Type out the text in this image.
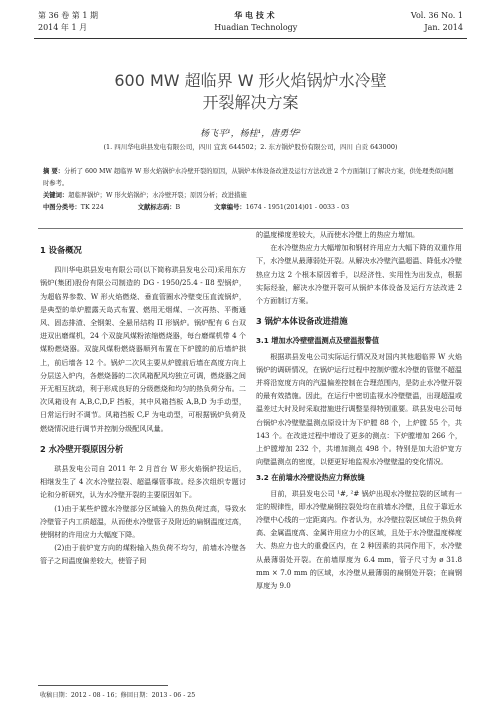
第 36 卷 第 1 期	华 电 技 术	Vol. 36 No. 1
2014 年 1 月	Huadian Technology	Jan. 2014
600 MW 超临界 W 形火焰锅炉水冷壁
开裂解决方案
杨飞平¹，杨桂¹，唐勇华²
(1. 四川华电珙县发电有限公司，四川 宜宾 644502；2. 东方锅炉股份有限公司，四川 自贡 643000)
摘 要：分析了 600 MW 超临界 W 形火焰锅炉水冷壁开裂的原因，从锅炉本体设备改进及运行方法改进 2 个方面制订了解决方案，供处理类似问题时参考。
关键词：超临界锅炉；W 形火焰锅炉；水冷壁开裂；原因分析；改进措施
中图分类号：TK 224	文献标志码：B	文章编号：1674 - 1951(2014)01 - 0033 - 03
1 设备概况

四川华电珙县发电有限公司(以下简称珙县发电公司)采用东方锅炉(集团)股份有限公司制造的 DG - 1950/25.4 - Ⅱ8 型锅炉，为超临界参数、W 形火焰燃烧、垂直管圈水冷壁变压直流锅炉，是典型的单炉膛露天岛式布置、燃用无烟煤、一次再热、平衡通风、固态排渣、全钢架、全悬吊结构 П 形锅炉。锅炉配有 6 台双进双出磨煤机，24 个双旋风煤粉浓缩燃烧器，每台磨煤机带 4 个煤粉燃烧器。双旋风煤粉燃烧器顺列布置在下炉膛的前后墙炉拱上，前后墙各 12 个。锅炉二次风主要从炉膛前后墙在高度方向上分层送入炉内，各燃烧器的二次风箱配风均独立可调，燃烧器之间开无相互扰动，利于形成良好的分级燃烧和均匀的热负荷分布。二次风箱设有 A,B,C,D,F 挡板，其中风箱挡板 A,B,D 为手动型，日常运行时不调节。风箱挡板 C,F 为电动型，可根据锅炉负荷及燃烧情况进行调节并控制分级配风风量。

2 水冷壁开裂原因分析

珙县发电公司自 2011 年 2 月首台 W 形火焰锅炉投运后，相继发生了 4 次水冷壁拉裂、超温爆管事故。经多次组织专题讨论和分析研究，认为水冷壁开裂的主要原因如下。

(1)由于某些炉膛水冷壁部分区域输入的热负荷过高，导致水冷壁管子内工质超温，从而使水冷壁管子及附近的扁钢温度过高，使钢材的许用应力大幅度下降。

(2)由于前炉宽方向的煤粉输入热负荷不均匀，前墙水冷壁各管子之间温度偏差较大，使管子间

的温度梯度差较大，从而使水冷壁上的热应力增加。

在水冷壁热应力大幅增加和钢材许用应力大幅下降的双重作用下，水冷壁从最薄弱处开裂。从解决水冷壁汽温超温、降低水冷壁热应力这 2 个根本原因着手，以经济性、实用性为出发点，根据实际经验，解决水冷壁开裂可从锅炉本体设备及运行方法改进 2 个方面制订方案。

3 锅炉本体设备改进措施
3.1 增加水冷壁壁温测点及壁温报警值

根据珙县发电公司实际运行情况及对国内其他超临界 W 火焰锅炉的调研情况，在锅炉运行过程中控制炉膛水冷壁的管壁不超温并将沿宽度方向的汽温偏差控制在合理范围内，是防止水冷壁开裂的最有效措施。因此，在运行中密切监视水冷壁壁温，出现超温或温差过大时及时采取措施进行调整显得特别重要。珙县发电公司每台锅炉水冷壁壁温测点原设计为下炉膛 88 个，上炉膛 55 个，共 143 个。在改进过程中增设了更多的测点：下炉膛增加 266 个，上炉膛增加 232 个，共增加测点 498 个。特别是加大沿炉宽方向壁温测点的密度，以便更好地监视水冷壁壁温的变化情况。

3.2 在前墙水冷壁设热应力释放缝

目前，珙县发电公司 ¹#, ²# 锅炉出现水冷壁拉裂的区域有一定的规律性，即水冷壁扁钢拉裂处均在前墙水冷壁，且位于靠近水冷壁中心线的一定距离内。作者认为，水冷壁拉裂区域位于热负荷高、金属温度高、金属许用应力小的区域，且处于水冷壁温度梯度大、热应力也大的重叠区内，在 2 种因素的共同作用下，水冷壁从最薄弱处开裂。在前墙厚度为 6.4 mm，管子尺寸为 ø 31.8 mm × 7.0 mm 的区域，水冷壁从最薄弱的扁钢处开裂；在扁钢厚度为 9.0

收稿日期：2012 - 08 - 16；修回日期：2013 - 06 - 25
